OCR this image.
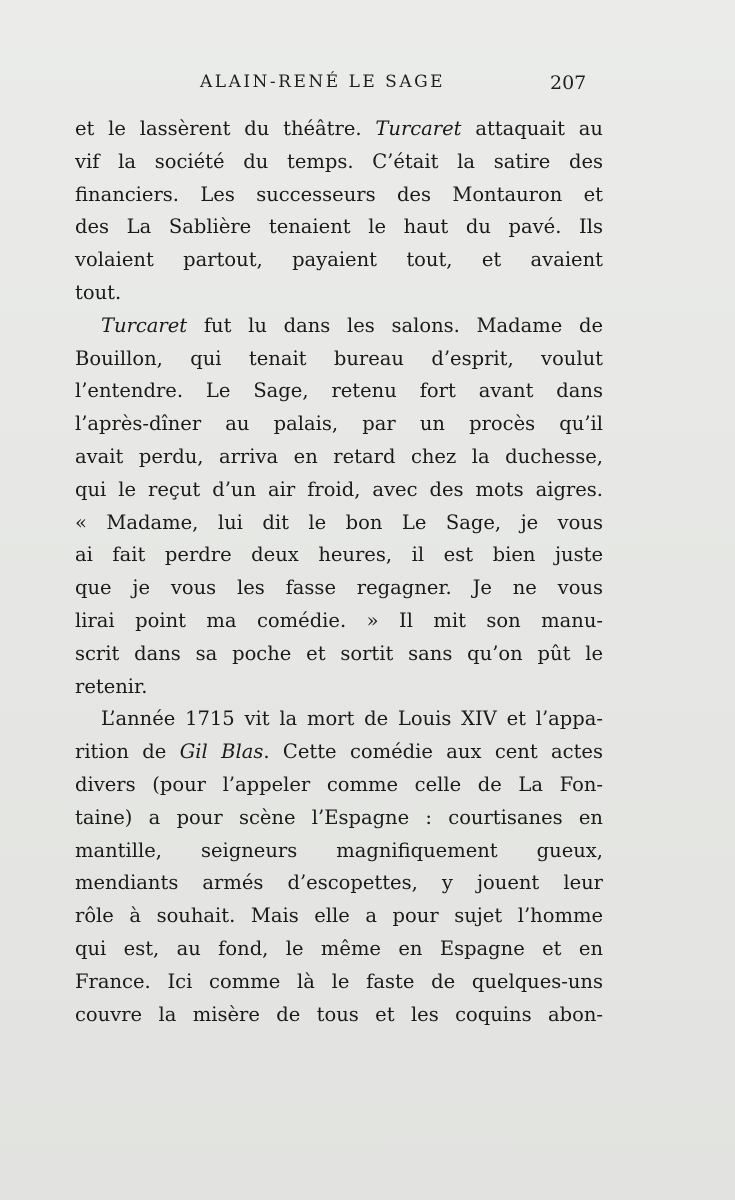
ALAIN-RENÉ LE SAGE	207
et le lassèrent du théâtre. Turcaret attaquait au
vif la société du temps. C’était la satire des
financiers. Les successeurs des Montauron et
des La Sablière tenaient le haut du pavé. Ils
volaient partout, payaient tout, et avaient
tout.
Turcaret fut lu dans les salons. Madame de
Bouillon, qui tenait bureau d’esprit, voulut
l’entendre. Le Sage, retenu fort avant dans
l’après-dîner au palais, par un procès qu’il
avait perdu, arriva en retard chez la duchesse,
qui le reçut d’un air froid, avec des mots aigres.
« Madame, lui dit le bon Le Sage, je vous
ai fait perdre deux heures, il est bien juste
que je vous les fasse regagner. Je ne vous
lirai point ma comédie. » Il mit son manu-
scrit dans sa poche et sortit sans qu’on pût le
retenir.
L’année 1715 vit la mort de Louis XIV et l’appa-
rition de Gil Blas. Cette comédie aux cent actes
divers (pour l’appeler comme celle de La Fon-
taine) a pour scène l’Espagne : courtisanes en
mantille, seigneurs magnifiquement gueux,
mendiants armés d’escopettes, y jouent leur
rôle à souhait. Mais elle a pour sujet l’homme
qui est, au fond, le même en Espagne et en
France. Ici comme là le faste de quelques-uns
couvre la misère de tous et les coquins abon-
